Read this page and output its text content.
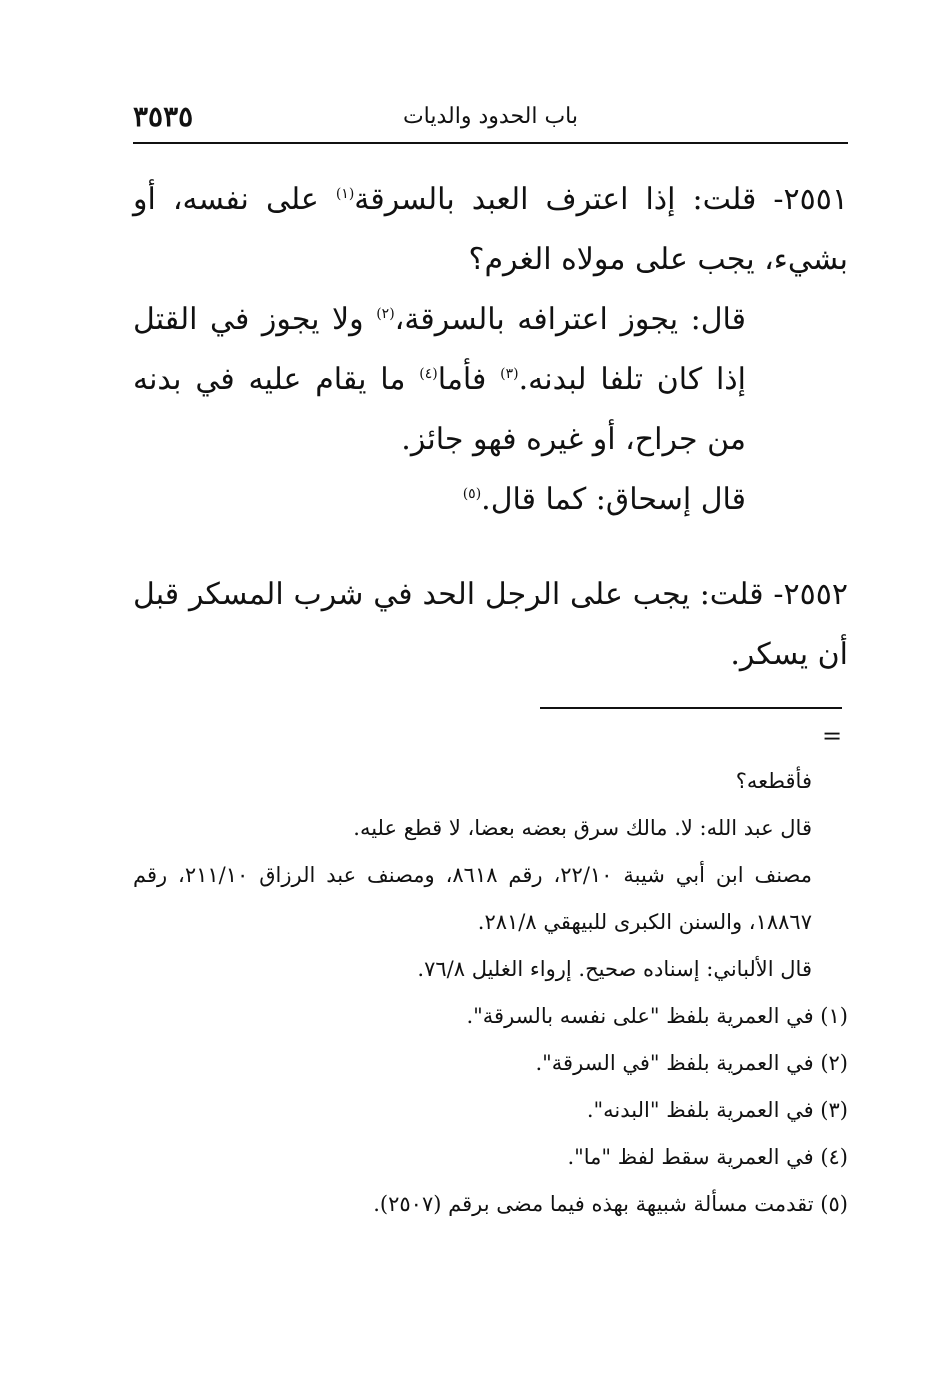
باب الحدود والديات
٣٥٣٥

٢٥٥١- قلت: إذا اعترف العبد بالسرقة$^{(١)}$ على نفسه، أو بشيء، يجب على مولاه الغرم؟

قال: يجوز اعترافه بالسرقة،$^{(٢)}$ ولا يجوز في القتل إذا كان تلفا لبدنه.$^{(٣)}$ فأما$^{(٤)}$ ما يقام عليه في بدنه من جراح، أو غيره فهو جائز.

قال إسحاق: كما قال.$^{(٥)}$

٢٥٥٢- قلت: يجب على الرجل الحد في شرب المسكر قبل أن يسكر.

=

فأقطعه؟

قال عبد الله: لا. مالك سرق بعضه بعضا، لا قطع عليه.

مصنف ابن أبي شيبة ٢٢/١٠، رقم ٨٦١٨، ومصنف عبد الرزاق ٢١١/١٠، رقم ١٨٨٦٧، والسنن الكبرى للبيهقي ٢٨١/٨.

قال الألباني: إسناده صحيح. إرواء الغليل ٧٦/٨.

(١) في العمرية بلفظ "على نفسه بالسرقة".

(٢) في العمرية بلفظ "في السرقة".

(٣) في العمرية بلفظ "البدنه".

(٤) في العمرية سقط لفظ "ما".

(٥) تقدمت مسألة شبيهة بهذه فيما مضى برقم (٢٥٠٧).
